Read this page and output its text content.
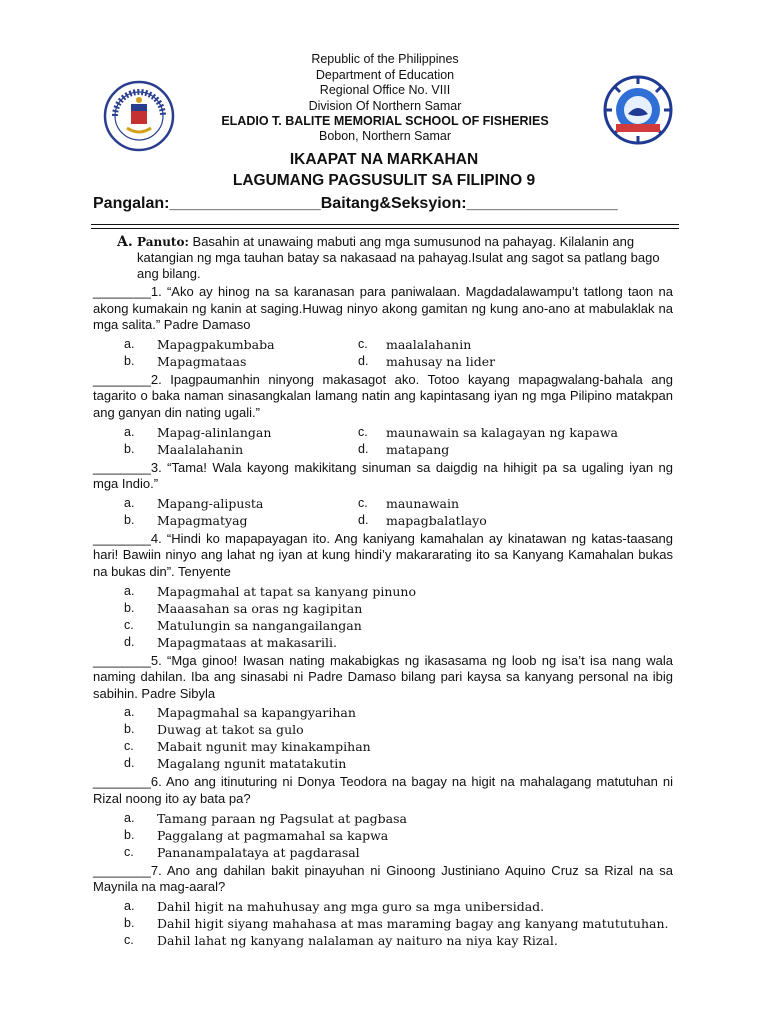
Republic of the Philippines
Department of Education
Regional Office No. VIII
Division Of Northern Samar
ELADIO T. BALITE MEMORIAL SCHOOL OF FISHERIES
Bobon, Northern Samar
IKAAPAT NA MARKAHAN
LAGUMANG PAGSUSULIT SA FILIPINO 9
Pangalan:_________________Baitang&Seksyion:_________________
A. Panuto: Basahin at unawaing mabuti ang mga sumusunod na pahayag. Kilalanin ang katangian ng mga tauhan batay sa nakasaad na pahayag.Isulat ang sagot sa patlang bago ang bilang.
________1. “Ako ay hinog na sa karanasan para paniwalaan. Magdadalawampu’t tatlong taon na akong kumakain ng kanin at saging.Huwag ninyo akong gamitan ng kung ano-ano at mabulaklak na mga salita.” Padre Damaso
a.	Mapagpakumbaba	c.	maalalahanin
b.	Mapagmataas	d.	mahusay na lider
________2. Ipagpaumanhin ninyong makasagot ako. Totoo kayang mapagwalang-bahala ang tagarito o baka naman sinasangkalan lamang natin ang kapintasang iyan ng mga Pilipino matakpan ang ganyan din nating ugali.”
a.	Mapag-alinlangan	c.	maunawain sa kalagayan ng kapawa
b.	Maalalahanin	d.	matapang
________3. “Tama! Wala kayong makikitang sinuman sa daigdig na hihigit pa sa ugaling iyan ng mga Indio.”
a.	Mapang-alipusta	c.	maunawain
b.	Mapagmatyag	d.	mapagbalatlayo
________4. “Hindi ko mapapayagan ito. Ang kaniyang kamahalan ay kinatawan ng katas-taasang hari! Bawiin ninyo ang lahat ng iyan at kung hindi’y makararating ito sa Kanyang Kamahalan bukas na bukas din”. Tenyente
a.	Mapagmahal at tapat sa kanyang pinuno
b.	Maaasahan sa oras ng kagipitan
c.	Matulungin sa nangangailangan
d.	Mapagmataas at makasarili.
________5. “Mga ginoo! Iwasan nating makabigkas ng ikasasama ng loob ng isa’t isa nang wala naming dahilan. Iba ang sinasabi ni Padre Damaso bilang pari kaysa sa kanyang personal na ibig sabihin. Padre Sibyla
a.	Mapagmahal sa kapangyarihan
b.	Duwag at takot sa gulo
c.	Mabait ngunit may kinakampihan
d.	Magalang ngunit matatakutin
________6. Ano ang itinuturing ni Donya Teodora na bagay na higit na mahalagang matutuhan ni Rizal noong ito ay bata pa?
a.	Tamang paraan ng Pagsulat at pagbasa
b.	Paggalang at pagmamahal sa kapwa
c.	Pananampalataya at pagdarasal
________7. Ano ang dahilan bakit pinayuhan ni Ginoong Justiniano Aquino Cruz sa Rizal na sa Maynila na mag-aaral?
a.	Dahil higit na mahuhusay ang mga guro sa mga unibersidad.
b.	Dahil higit siyang mahahasa at mas maraming bagay ang kanyang matututuhan.
c.	Dahil lahat ng kanyang nalalaman ay naituro na niya kay Rizal.
